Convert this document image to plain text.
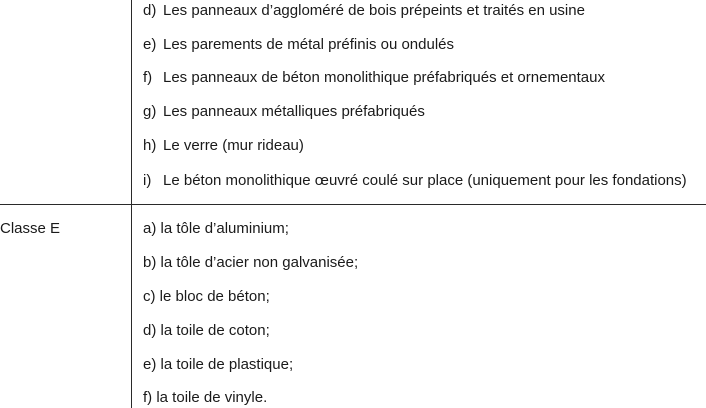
Classe E
d) Les panneaux d’aggloméré de bois prépeints et traités en usine
e) Les parements de métal préfinis ou ondulés
f) Les panneaux de béton monolithique préfabriqués et ornementaux
g) Les panneaux métalliques préfabriqués
h) Le verre (mur rideau)
i) Le béton monolithique œuvré coulé sur place (uniquement pour les fondations)
a) la tôle d’aluminium;
b) la tôle d’acier non galvanisée;
c) le bloc de béton;
d) la toile de coton;
e) la toile de plastique;
f) la toile de vinyle.
